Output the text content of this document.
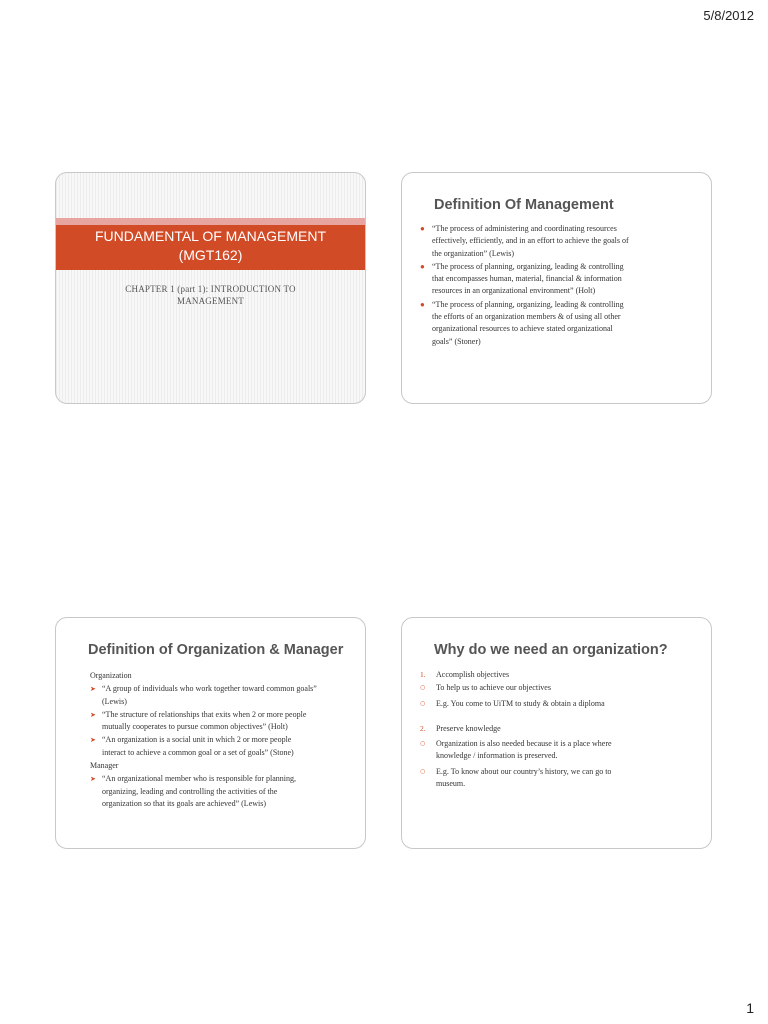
5/8/2012
FUNDAMENTAL OF MANAGEMENT
(MGT162)
CHAPTER 1 (part 1): INTRODUCTION TO
MANAGEMENT
Definition Of Management
● “The process of administering and coordinating resources
effectively, efficiently, and in an effort to achieve the goals of
the organization” (Lewis)
● “The process of planning, organizing, leading & controlling
that encompasses human, material, financial & information
resources in an organizational environment” (Holt)
● “The process of planning, organizing, leading & controlling
the efforts of an organization members & of using all other
organizational resources to achieve stated organizational
goals” (Stoner)
Definition of Organization & Manager
Organization
➤ “A group of individuals who work together toward common goals”
(Lewis)
➤ “The structure of relationships that exits when 2 or more people
mutually cooperates to pursue common objectives” (Holt)
➤ “An organization is a social unit in which 2 or more people
interact to achieve a common goal or a set of goals” (Stone)
Manager
➤ “An organizational member who is responsible for planning,
organizing, leading and controlling the activities of the
organization so that its goals are achieved” (Lewis)
Why do we need an organization?
1.	Accomplish objectives
○	To help us to achieve our objectives
○	E.g. You come to UiTM to study & obtain a diploma
2.	Preserve knowledge
○	Organization is also needed because it is a place where
knowledge / information is preserved.
○	E.g. To know about our country’s history, we can go to
museum.
1
